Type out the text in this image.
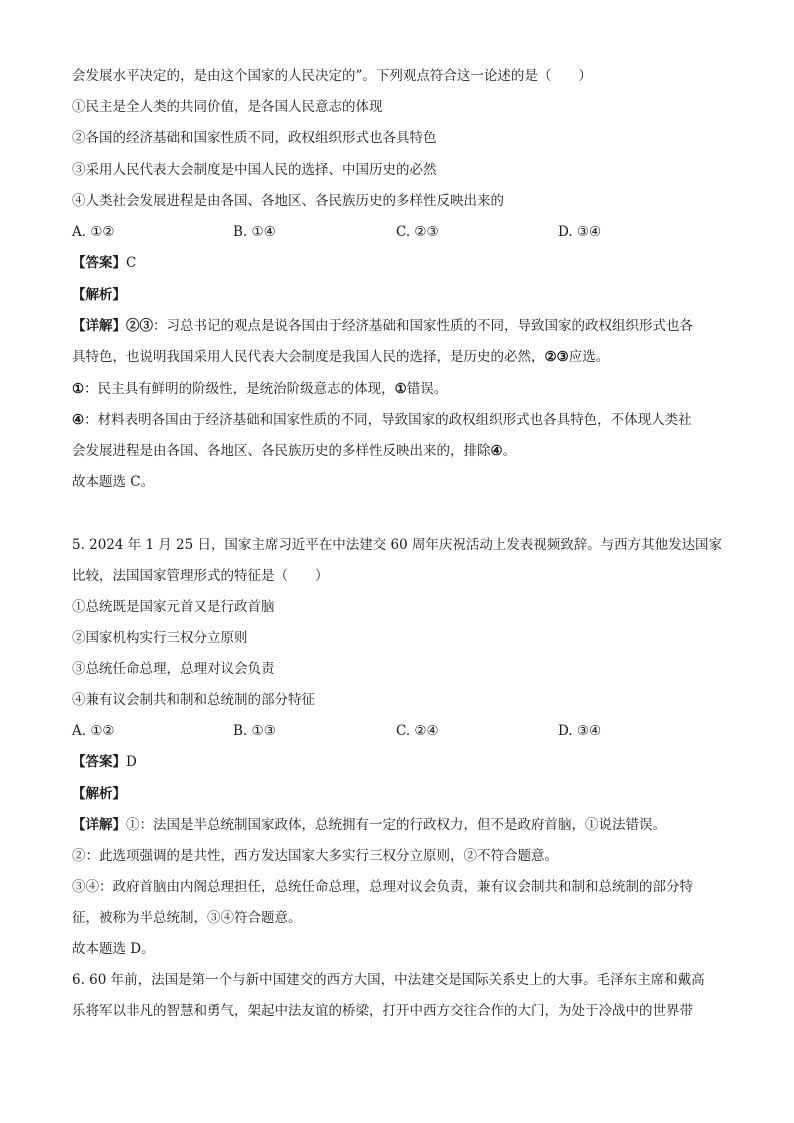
会发展水平决定的，是由这个国家的人民决定的”。下列观点符合这一论述的是（　　）
①民主是全人类的共同价值，是各国人民意志的体现
②各国的经济基础和国家性质不同，政权组织形式也各具特色
③采用人民代表大会制度是中国人民的选择、中国历史的必然
④人类社会发展进程是由各国、各地区、各民族历史的多样性反映出来的
A. ①②	B. ①④	C. ②③	D. ③④
【答案】C
【解析】
【详解】②③：习总书记的观点是说各国由于经济基础和国家性质的不同，导致国家的政权组织形式也各
具特色，也说明我国采用人民代表大会制度是我国人民的选择，是历史的必然，②③应选。
①：民主具有鲜明的阶级性，是统治阶级意志的体现，①错误。
④：材料表明各国由于经济基础和国家性质的不同，导致国家的政权组织形式也各具特色，不体现人类社
会发展进程是由各国、各地区、各民族历史的多样性反映出来的，排除④。
故本题选 C。
5. 2024 年 1 月 25 日，国家主席习近平在中法建交 60 周年庆祝活动上发表视频致辞。与西方其他发达国家
比较，法国国家管理形式的特征是（　　）
①总统既是国家元首又是行政首脑
②国家机构实行三权分立原则
③总统任命总理，总理对议会负责
④兼有议会制共和制和总统制的部分特征
A. ①②	B. ①③	C. ②④	D. ③④
【答案】D
【解析】
【详解】①：法国是半总统制国家政体，总统拥有一定的行政权力，但不是政府首脑，①说法错误。
②：此选项强调的是共性，西方发达国家大多实行三权分立原则，②不符合题意。
③④：政府首脑由内阁总理担任，总统任命总理，总理对议会负责，兼有议会制共和制和总统制的部分特
征，被称为半总统制，③④符合题意。
故本题选 D。
6. 60 年前，法国是第一个与新中国建交的西方大国，中法建交是国际关系史上的大事。毛泽东主席和戴高
乐将军以非凡的智慧和勇气，架起中法友谊的桥梁，打开中西方交往合作的大门，为处于冷战中的世界带
